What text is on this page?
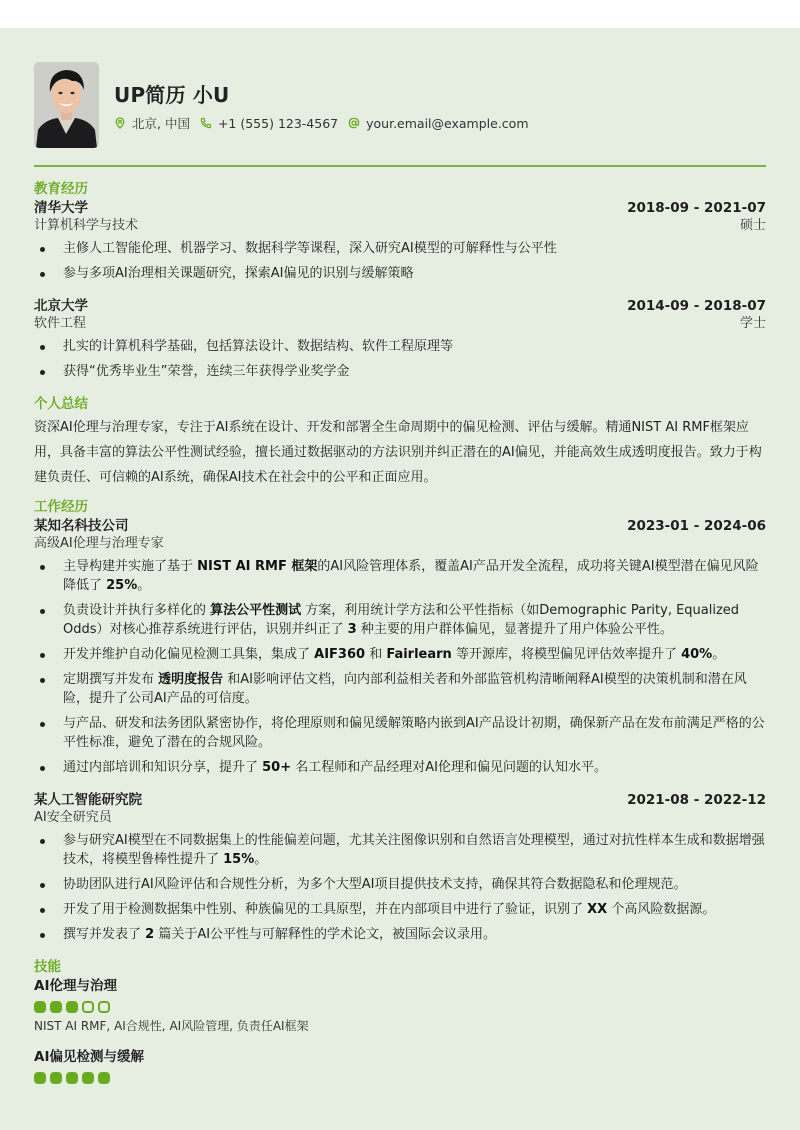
UP简历 小U
北京, 中国 +1 (555) 123-4567 your.email@example.com
教育经历
清华大学	2018-09 - 2021-07
计算机科学与技术	硕士
主修人工智能伦理、机器学习、数据科学等课程，深入研究AI模型的可解释性与公平性
参与多项AI治理相关课题研究，探索AI偏见的识别与缓解策略
北京大学	2014-09 - 2018-07
软件工程	学士
扎实的计算机科学基础，包括算法设计、数据结构、软件工程原理等
获得“优秀毕业生”荣誉，连续三年获得学业奖学金
个人总结

资深AI伦理与治理专家，专注于AI系统在设计、开发和部署全生命周期中的偏见检测、评估与缓解。精通NIST AI RMF框架应用，具备丰富的算法公平性测试经验，擅长通过数据驱动的方法识别并纠正潜在的AI偏见，并能高效生成透明度报告。致力于构建负责任、可信赖的AI系统，确保AI技术在社会中的公平和正面应用。

工作经历
某知名科技公司	2023-01 - 2024-06
高级AI伦理与治理专家
主导构建并实施了基于 NIST AI RMF 框架的AI风险管理体系，覆盖AI产品开发全流程，成功将关键AI模型潜在偏见风险降低了 25%。
负责设计并执行多样化的 算法公平性测试 方案，利用统计学方法和公平性指标（如Demographic Parity, Equalized Odds）对核心推荐系统进行评估，识别并纠正了 3 种主要的用户群体偏见，显著提升了用户体验公平性。
开发并维护自动化偏见检测工具集，集成了 AIF360 和 Fairlearn 等开源库，将模型偏见评估效率提升了 40%。
定期撰写并发布 透明度报告 和AI影响评估文档，向内部利益相关者和外部监管机构清晰阐释AI模型的决策机制和潜在风险，提升了公司AI产品的可信度。
与产品、研发和法务团队紧密协作，将伦理原则和偏见缓解策略内嵌到AI产品设计初期，确保新产品在发布前满足严格的公平性标准，避免了潜在的合规风险。
通过内部培训和知识分享，提升了 50+ 名工程师和产品经理对AI伦理和偏见问题的认知水平。
某人工智能研究院	2021-08 - 2022-12
AI安全研究员
参与研究AI模型在不同数据集上的性能偏差问题，尤其关注图像识别和自然语言处理模型，通过对抗性样本生成和数据增强技术，将模型鲁棒性提升了 15%。
协助团队进行AI风险评估和合规性分析，为多个大型AI项目提供技术支持，确保其符合数据隐私和伦理规范。
开发了用于检测数据集中性别、种族偏见的工具原型，并在内部项目中进行了验证，识别了 XX 个高风险数据源。
撰写并发表了 2 篇关于AI公平性与可解释性的学术论文，被国际会议录用。
技能
AI伦理与治理
NIST AI RMF, AI合规性, AI风险管理, 负责任AI框架
AI偏见检测与缓解
